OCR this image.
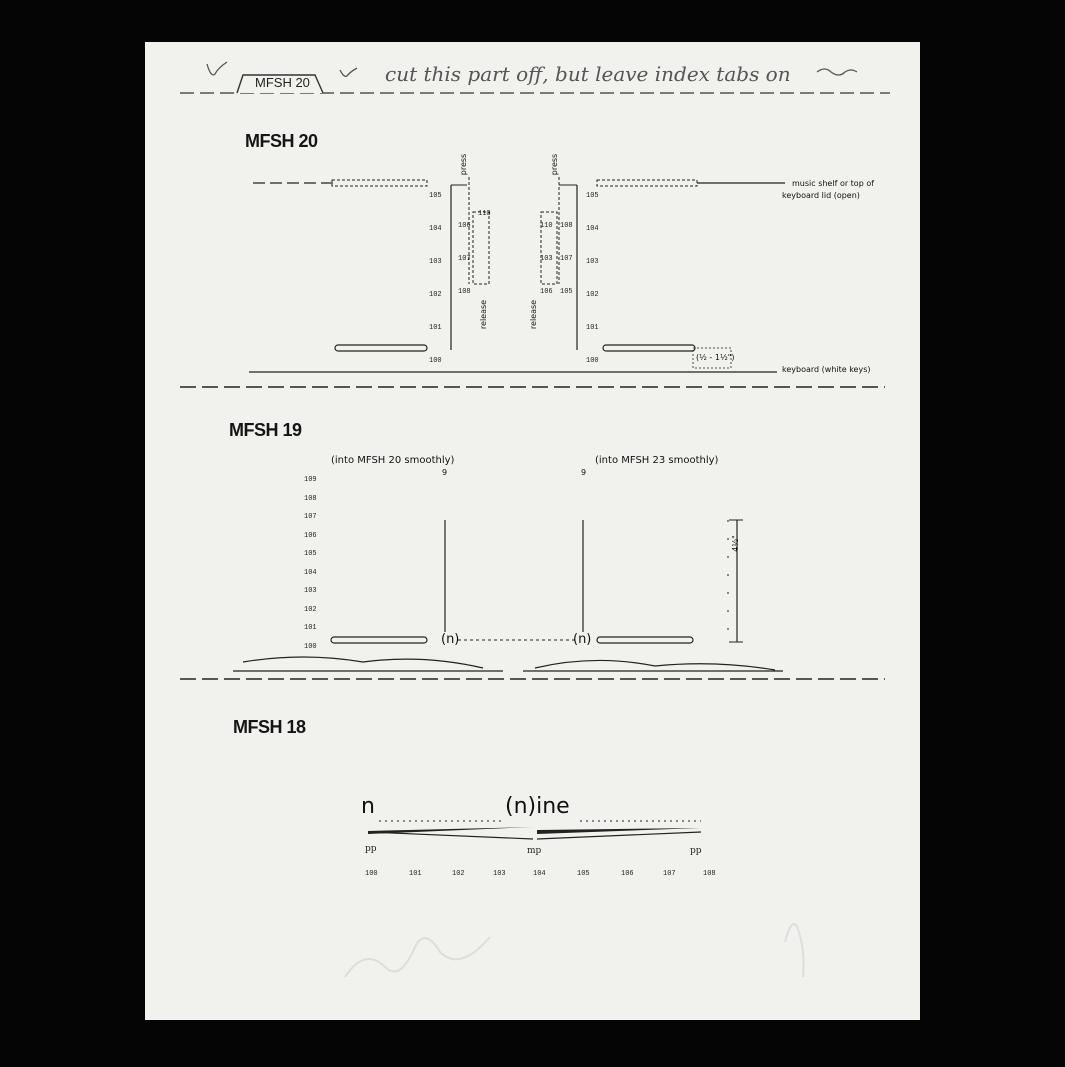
MFSH 20	cut this part off, but leave index tabs on
MFSH 20
105
104
103
102
101
100
106
107
108
110
110
103
106
108
107
105
105
104
103
102
101
100
press	press
release	release
music shelf or top of
keyboard lid (open)
keyboard (white keys)
(½ - 1½")
MFSH 19
(into MFSH 20 smoothly)	(into MFSH 23 smoothly)
109
108
107
106
105
104
103
102
101
100	(n)	(n)
9	9
4½"
MFSH 18
n	(n)ine
pp	mp	pp
100	101	102	103	104	105	106	107	108
